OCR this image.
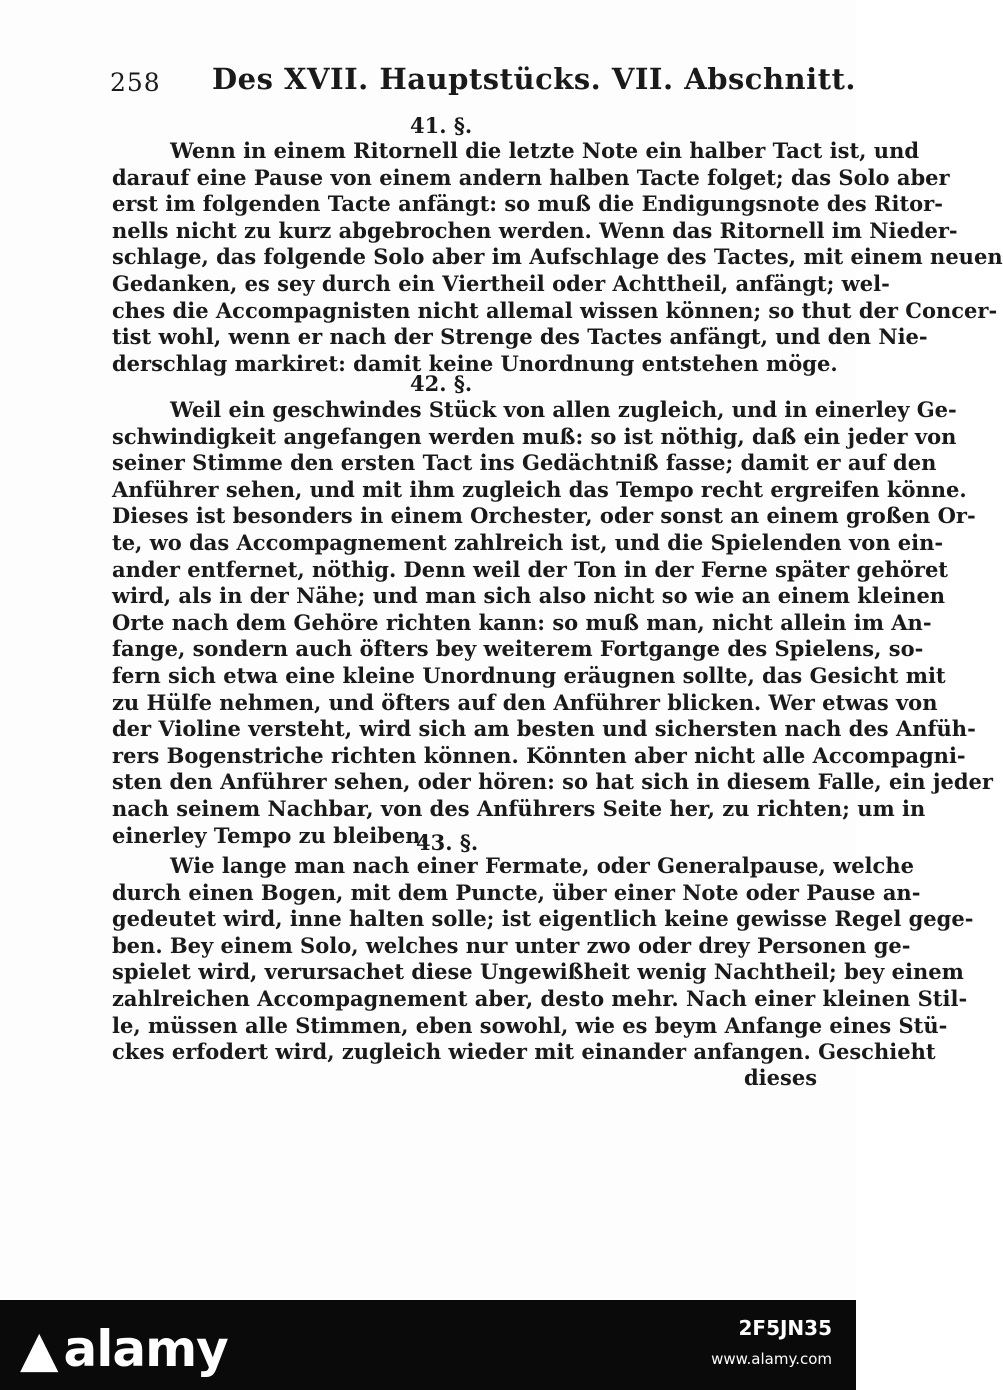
258 Des XVII. Hauptstücks. VII. Abschnitt.
41. §.
Wenn in einem Ritornell die letzte Note ein halber Tact ist, und
darauf eine Pause von einem andern halben Tacte folget; das Solo aber
erst im folgenden Tacte anfängt: so muß die Endigungsnote des Ritor-
nells nicht zu kurz abgebrochen werden. Wenn das Ritornell im Nieder-
schlage, das folgende Solo aber im Aufschlage des Tactes, mit einem neuen
Gedanken, es sey durch ein Viertheil oder Achttheil, anfängt; wel-
ches die Accompagnisten nicht allemal wissen können; so thut der Concer-
tist wohl, wenn er nach der Strenge des Tactes anfängt, und den Nie-
derschlag markiret: damit keine Unordnung entstehen möge.
42. §.
Weil ein geschwindes Stück von allen zugleich, und in einerley Ge-
schwindigkeit angefangen werden muß: so ist nöthig, daß ein jeder von
seiner Stimme den ersten Tact ins Gedächtniß fasse; damit er auf den
Anführer sehen, und mit ihm zugleich das Tempo recht ergreifen könne.
Dieses ist besonders in einem Orchester, oder sonst an einem großen Or-
te, wo das Accompagnement zahlreich ist, und die Spielenden von ein-
ander entfernet, nöthig. Denn weil der Ton in der Ferne später gehöret
wird, als in der Nähe; und man sich also nicht so wie an einem kleinen
Orte nach dem Gehöre richten kann: so muß man, nicht allein im An-
fange, sondern auch öfters bey weiterem Fortgange des Spielens, so-
fern sich etwa eine kleine Unordnung eräugnen sollte, das Gesicht mit
zu Hülfe nehmen, und öfters auf den Anführer blicken. Wer etwas von
der Violine versteht, wird sich am besten und sichersten nach des Anfüh-
rers Bogenstriche richten können. Könnten aber nicht alle Accompagni-
sten den Anführer sehen, oder hören: so hat sich in diesem Falle, ein jeder
nach seinem Nachbar, von des Anführers Seite her, zu richten; um in
einerley Tempo zu bleiben.
43. §.
Wie lange man nach einer Fermate, oder Generalpause, welche
durch einen Bogen, mit dem Puncte, über einer Note oder Pause an-
gedeutet wird, inne halten solle; ist eigentlich keine gewisse Regel gege-
ben. Bey einem Solo, welches nur unter zwo oder drey Personen ge-
spielet wird, verursachet diese Ungewißheit wenig Nachtheil; bey einem
zahlreichen Accompagnement aber, desto mehr. Nach einer kleinen Stil-
le, müssen alle Stimmen, eben sowohl, wie es beym Anfange eines Stü-
ckes erfodert wird, zugleich wieder mit einander anfangen. Geschieht
dieses
▲ alamy	2F5JN35
www.alamy.com
